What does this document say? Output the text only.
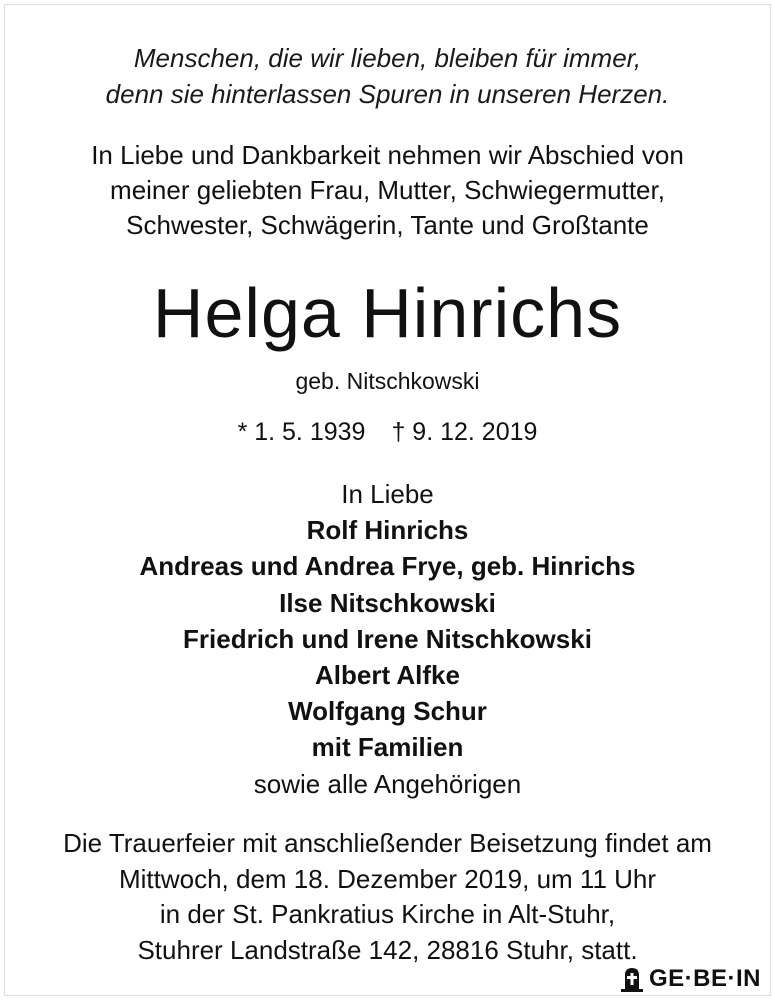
Menschen, die wir lieben, bleiben für immer,
denn sie hinterlassen Spuren in unseren Herzen.
In Liebe und Dankbarkeit nehmen wir Abschied von
meiner geliebten Frau, Mutter, Schwiegermutter,
Schwester, Schwägerin, Tante und Großtante
Helga Hinrichs
geb. Nitschkowski
* 1. 5. 1939 † 9. 12. 2019
In Liebe
Rolf Hinrichs
Andreas und Andrea Frye, geb. Hinrichs
Ilse Nitschkowski
Friedrich und Irene Nitschkowski
Albert Alfke
Wolfgang Schur
mit Familien
sowie alle Angehörigen
Die Trauerfeier mit anschließender Beisetzung findet am
Mittwoch, dem 18. Dezember 2019, um 11 Uhr
in der St. Pankratius Kirche in Alt-Stuhr,
Stuhrer Landstraße 142, 28816 Stuhr, statt.
GE·BE·IN
